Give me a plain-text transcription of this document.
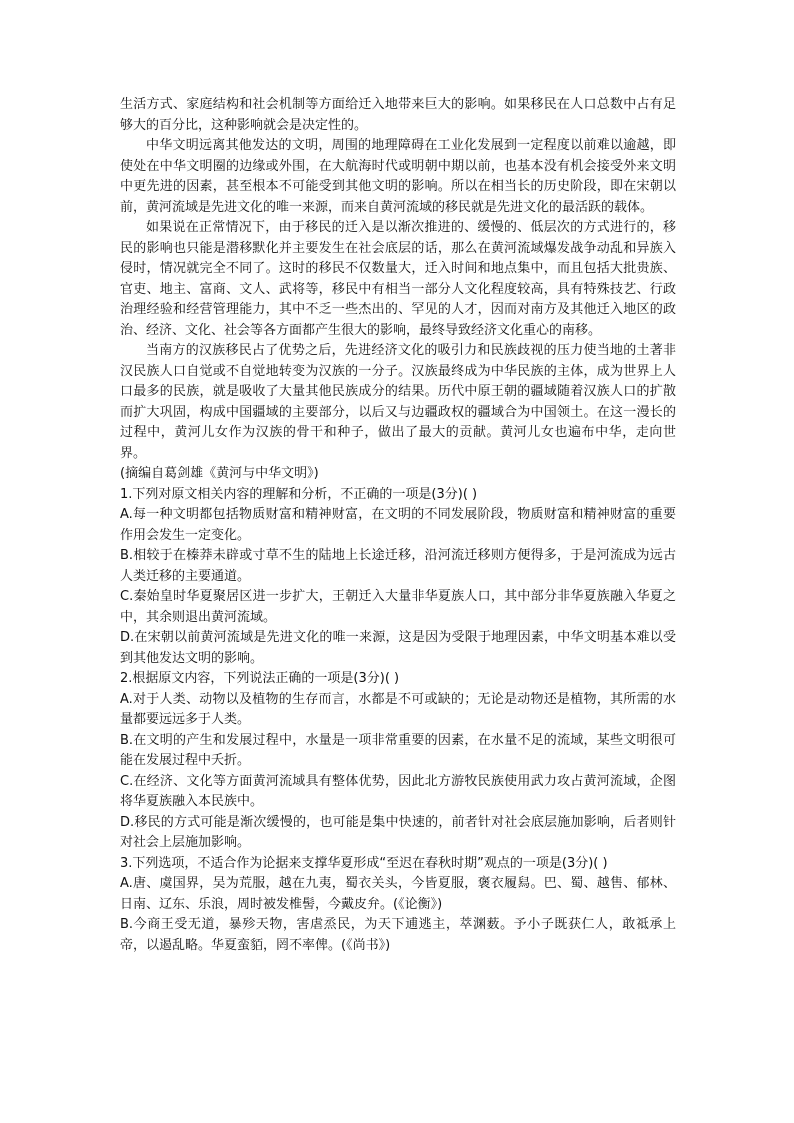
生活方式、家庭结构和社会机制等方面给迁入地带来巨大的影响。如果移民在人口总数中占有足够大的百分比，这种影响就会是决定性的。

中华文明远离其他发达的文明，周围的地理障碍在工业化发展到一定程度以前难以逾越，即使处在中华文明圈的边缘或外围，在大航海时代或明朝中期以前，也基本没有机会接受外来文明中更先进的因素，甚至根本不可能受到其他文明的影响。所以在相当长的历史阶段，即在宋朝以前，黄河流域是先进文化的唯一来源，而来自黄河流域的移民就是先进文化的最活跃的载体。

如果说在正常情况下，由于移民的迁入是以渐次推进的、缓慢的、低层次的方式进行的，移民的影响也只能是潜移默化并主要发生在社会底层的话，那么在黄河流域爆发战争动乱和异族入侵时，情况就完全不同了。这时的移民不仅数量大，迁入时间和地点集中，而且包括大批贵族、官吏、地主、富商、文人、武将等，移民中有相当一部分人文化程度较高，具有特殊技艺、行政治理经验和经营管理能力，其中不乏一些杰出的、罕见的人才，因而对南方及其他迁入地区的政治、经济、文化、社会等各方面都产生很大的影响，最终导致经济文化重心的南移。

当南方的汉族移民占了优势之后，先进经济文化的吸引力和民族歧视的压力使当地的土著非汉民族人口自觉或不自觉地转变为汉族的一分子。汉族最终成为中华民族的主体，成为世界上人口最多的民族，就是吸收了大量其他民族成分的结果。历代中原王朝的疆域随着汉族人口的扩散而扩大巩固，构成中国疆域的主要部分，以后又与边疆政权的疆域合为中国领土。在这一漫长的过程中，黄河儿女作为汉族的骨干和种子，做出了最大的贡献。黄河儿女也遍布中华，走向世界。

(摘编自葛剑雄《黄河与中华文明》)

1.下列对原文相关内容的理解和分析，不正确的一项是(3分)( )

A.每一种文明都包括物质财富和精神财富，在文明的不同发展阶段，物质财富和精神财富的重要作用会发生一定变化。

B.相较于在榛莽未辟或寸草不生的陆地上长途迁移，沿河流迁移则方便得多，于是河流成为远古人类迁移的主要通道。

C.秦始皇时华夏聚居区进一步扩大，王朝迁入大量非华夏族人口，其中部分非华夏族融入华夏之中，其余则退出黄河流域。

D.在宋朝以前黄河流域是先进文化的唯一来源，这是因为受限于地理因素，中华文明基本难以受到其他发达文明的影响。

2.根据原文内容，下列说法正确的一项是(3分)( )

A.对于人类、动物以及植物的生存而言，水都是不可或缺的；无论是动物还是植物，其所需的水量都要远远多于人类。

B.在文明的产生和发展过程中，水量是一项非常重要的因素，在水量不足的流域，某些文明很可能在发展过程中夭折。

C.在经济、文化等方面黄河流域具有整体优势，因此北方游牧民族使用武力攻占黄河流域，企图将华夏族融入本民族中。

D.移民的方式可能是渐次缓慢的，也可能是集中快速的，前者针对社会底层施加影响，后者则针对社会上层施加影响。

3.下列选项，不适合作为论据来支撑华夏形成“至迟在春秋时期”观点的一项是(3分)( )

A.唐、虞国界，吴为荒服，越在九夷，蜀衣关头，今皆夏服，褒衣履舄。巴、蜀、越售、郁林、日南、辽东、乐浪，周时被发椎髻，今戴皮弁。(《论衡》)

B.今商王受无道，暴殄天物，害虐烝民，为天下逋逃主，萃渊薮。予小子既获仁人，敢祗承上帝，以遏乱略。华夏蛮貊，罔不率俾。(《尚书》)
